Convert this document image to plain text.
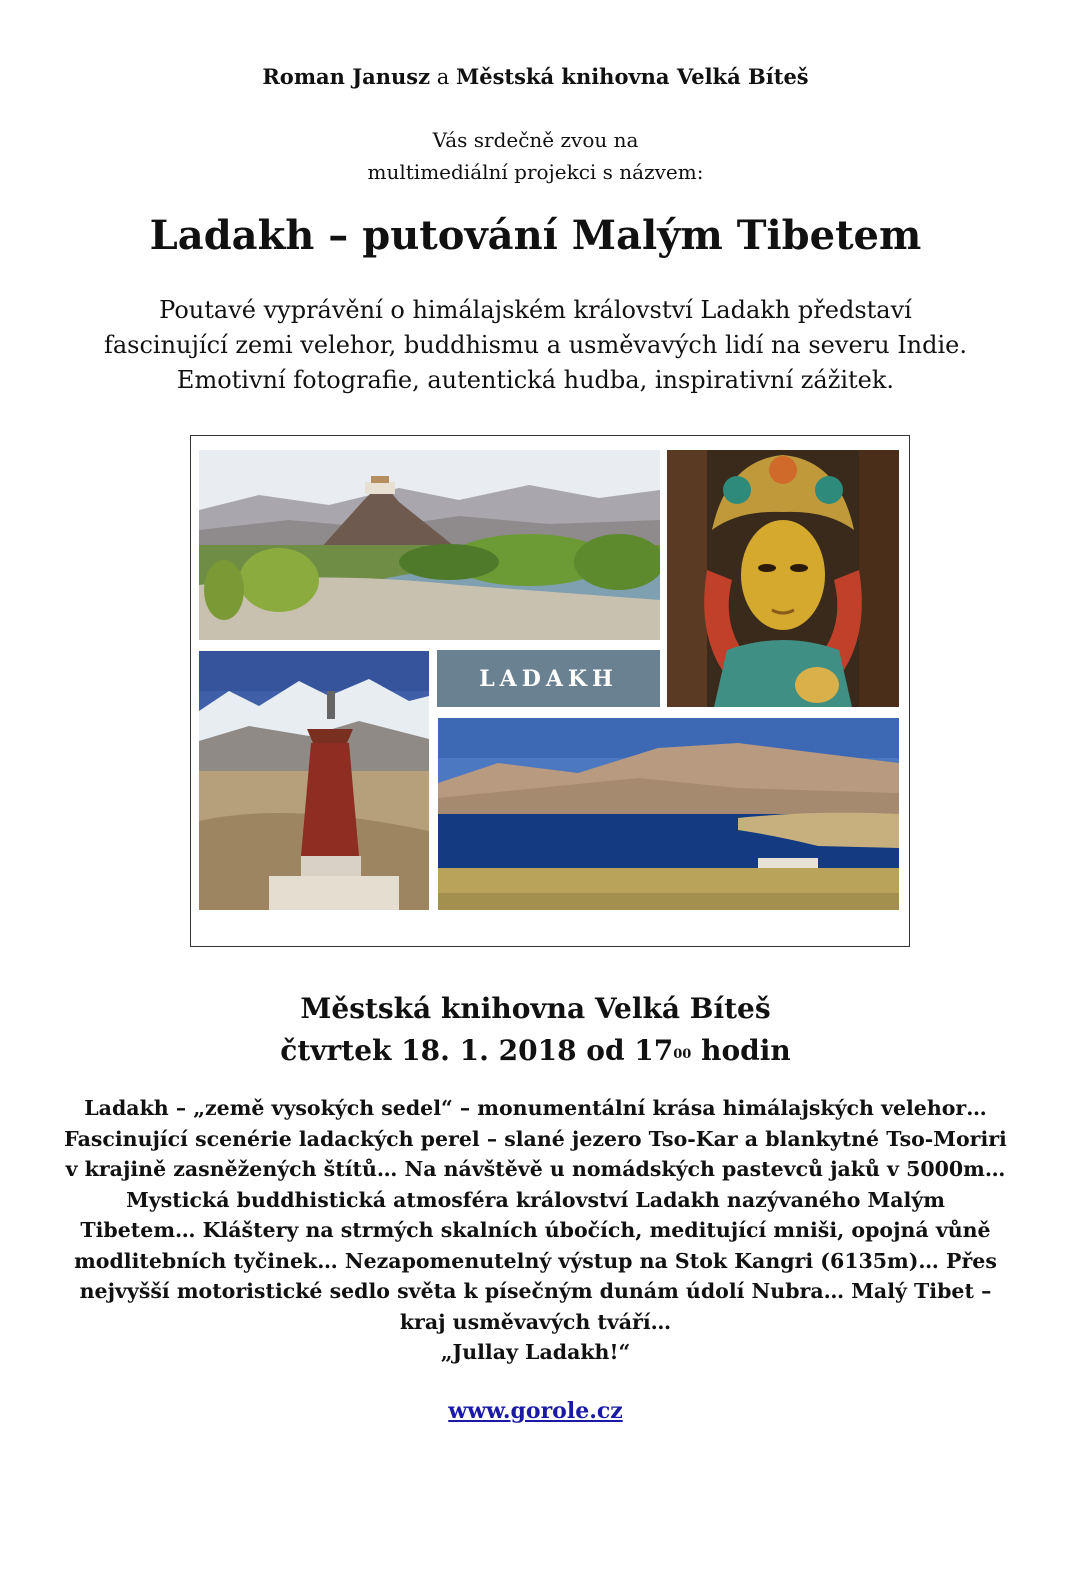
Roman Janusz a Městská knihovna Velká Bíteš
Vás srdečně zvou na
multimediální projekci s názvem:
Ladakh – putování Malým Tibetem
Poutavé vyprávění o himálajském království Ladakh představí
fascinující zemi velehor, buddhismu a usměvavých lidí na severu Indie.
Emotivní fotografie, autentická hudba, inspirativní zážitek.
LADAKH
Městská knihovna Velká Bíteš
čtvrtek 18. 1. 2018 od $17^{00}$ hodin
Ladakh – „země vysokých sedel“ – monumentální krása himálajských velehor…
Fascinující scenérie ladackých perel – slané jezero Tso-Kar a blankytné Tso-Moriri
v krajině zasněžených štítů… Na návštěvě u nomádských pastevců jaků v 5000m…
Mystická buddhistická atmosféra království Ladakh nazývaného Malým
Tibetem… Kláštery na strmých skalních úbočích, meditující mniši, opojná vůně
modlitebních tyčinek… Nezapomenutelný výstup na Stok Kangri (6135m)… Přes
nejvyšší motoristické sedlo světa k písečným dunám údolí Nubra… Malý Tibet –
kraj usměvavých tváří…
„Jullay Ladakh!“
www.gorole.cz
